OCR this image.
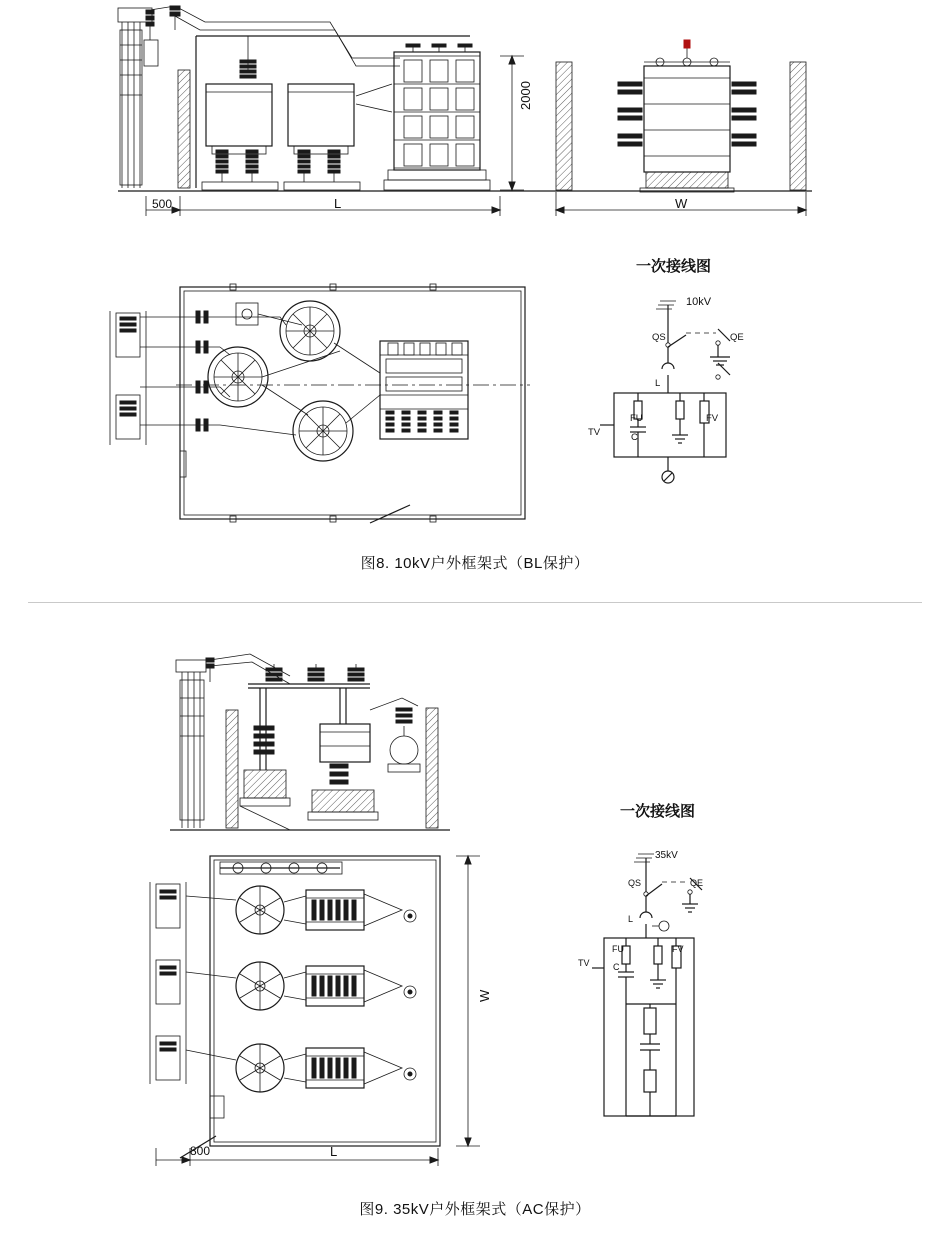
2000
500	L	W
一次接线图
10kV
QS	QE
L
TV
FU
C
FV
图8. 10kV户外框架式（BL保护）
W
800	L
一次接线图
35kV
QS	QE
L
TV
FU
C
FV
图9. 35kV户外框架式（AC保护）
